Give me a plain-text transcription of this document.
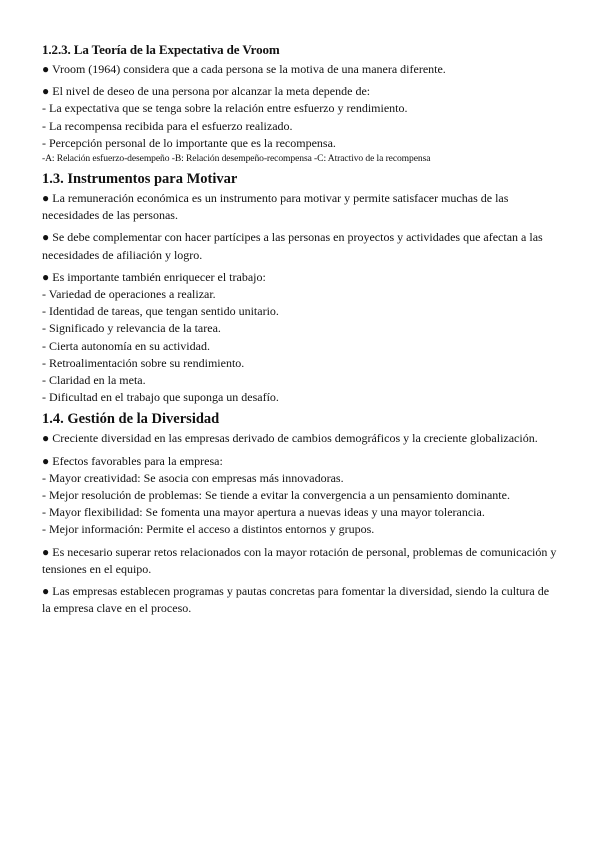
1.2.3. La Teoría de la Expectativa de Vroom
● Vroom (1964) considera que a cada persona se la motiva de una manera diferente.
● El nivel de deseo de una persona por alcanzar la meta depende de:
- La expectativa que se tenga sobre la relación entre esfuerzo y rendimiento.
- La recompensa recibida para el esfuerzo realizado.
- Percepción personal de lo importante que es la recompensa.
-A: Relación esfuerzo-desempeño -B: Relación desempeño-recompensa -C: Atractivo de la recompensa
1.3. Instrumentos para Motivar
● La remuneración económica es un instrumento para motivar y permite satisfacer muchas de las necesidades de las personas.
● Se debe complementar con hacer partícipes a las personas en proyectos y actividades que afectan a las necesidades de afiliación y logro.
● Es importante también enriquecer el trabajo:
- Variedad de operaciones a realizar.
- Identidad de tareas, que tengan sentido unitario.
- Significado y relevancia de la tarea.
- Cierta autonomía en su actividad.
- Retroalimentación sobre su rendimiento.
- Claridad en la meta.
- Dificultad en el trabajo que suponga un desafío.
1.4. Gestión de la Diversidad
● Creciente diversidad en las empresas derivado de cambios demográficos y la creciente globalización.
● Efectos favorables para la empresa:
- Mayor creatividad: Se asocia con empresas más innovadoras.
- Mejor resolución de problemas: Se tiende a evitar la convergencia a un pensamiento dominante.
- Mayor flexibilidad: Se fomenta una mayor apertura a nuevas ideas y una mayor tolerancia.
- Mejor información: Permite el acceso a distintos entornos y grupos.
● Es necesario superar retos relacionados con la mayor rotación de personal, problemas de comunicación y tensiones en el equipo.
● Las empresas establecen programas y pautas concretas para fomentar la diversidad, siendo la cultura de la empresa clave en el proceso.
